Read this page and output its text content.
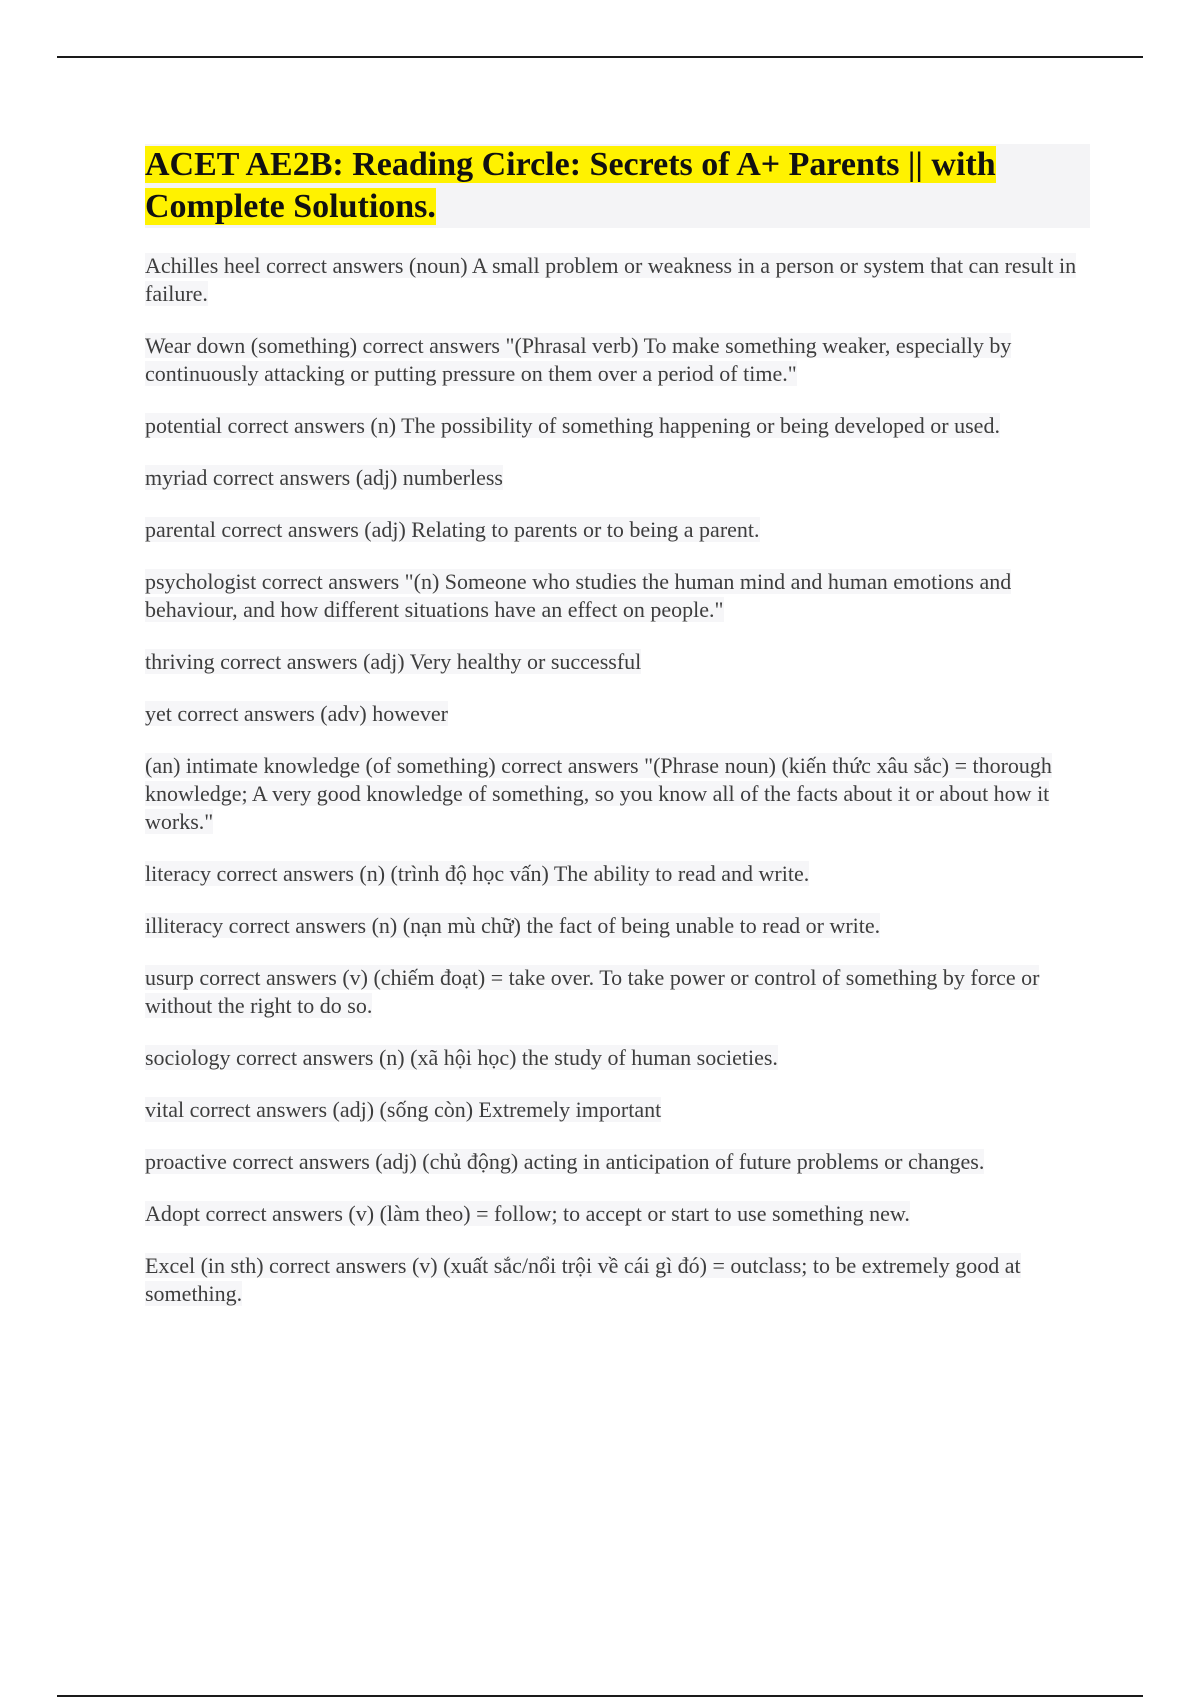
ACET AE2B: Reading Circle: Secrets of A+ Parents || with Complete Solutions.
Achilles heel correct answers (noun) A small problem or weakness in a person or system that can result in failure.
Wear down (something) correct answers "(Phrasal verb) To make something weaker, especially by continuously attacking or putting pressure on them over a period of time."
potential correct answers (n) The possibility of something happening or being developed or used.
myriad correct answers (adj) numberless
parental correct answers (adj) Relating to parents or to being a parent.
psychologist correct answers "(n) Someone who studies the human mind and human emotions and behaviour, and how different situations have an effect on people."
thriving correct answers (adj) Very healthy or successful
yet correct answers (adv) however
(an) intimate knowledge (of something) correct answers "(Phrase noun) (kiến thức xâu sắc) = thorough knowledge; A very good knowledge of something, so you know all of the facts about it or about how it works."
literacy correct answers (n) (trình độ học vấn) The ability to read and write.
illiteracy correct answers (n) (nạn mù chữ) the fact of being unable to read or write.
usurp correct answers (v) (chiếm đoạt) = take over. To take power or control of something by force or without the right to do so.
sociology correct answers (n) (xã hội học) the study of human societies.
vital correct answers (adj) (sống còn) Extremely important
proactive correct answers (adj) (chủ động) acting in anticipation of future problems or changes.
Adopt correct answers (v) (làm theo) = follow; to accept or start to use something new.
Excel (in sth) correct answers (v) (xuất sắc/nổi trội về cái gì đó) = outclass; to be extremely good at something.
